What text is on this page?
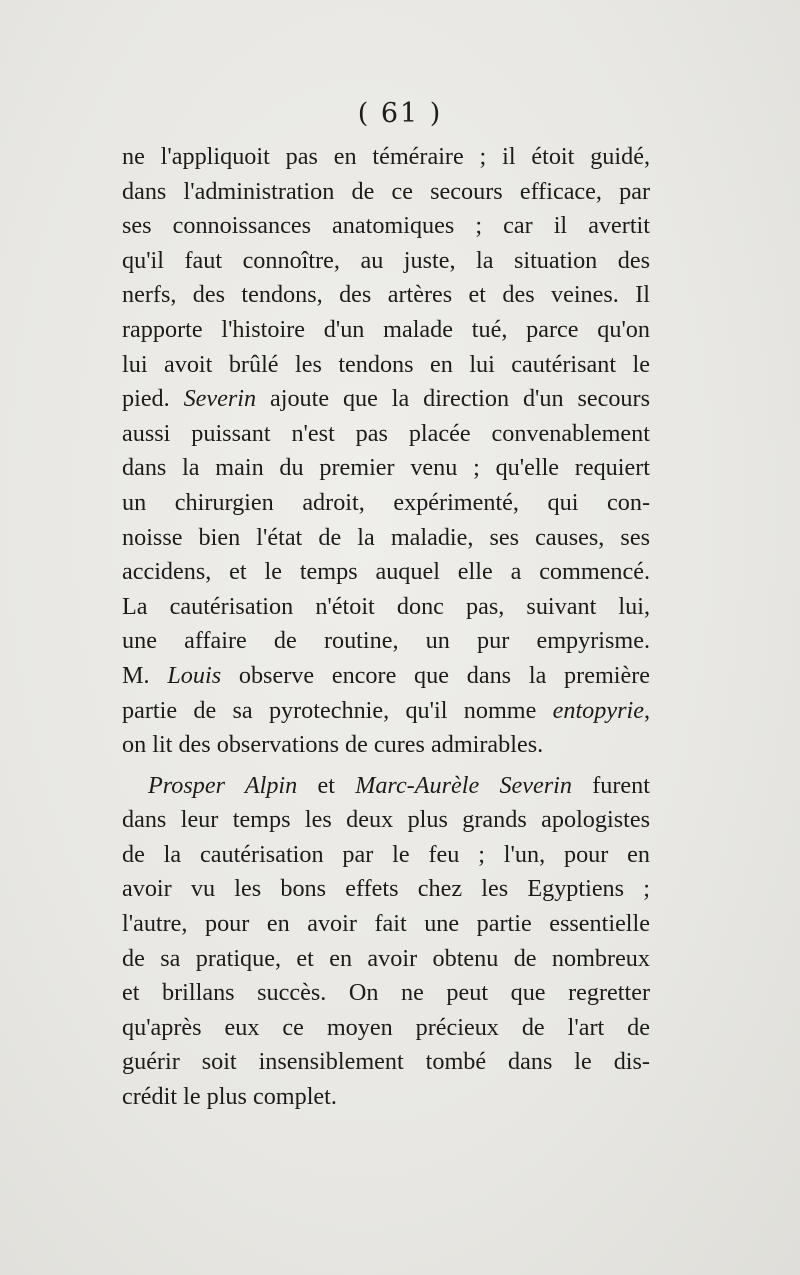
( 61 )
ne l'appliquoit pas en téméraire ; il étoit guidé,
dans l'administration de ce secours efficace, par
ses connoissances anatomiques ; car il avertit
qu'il faut connoître, au juste, la situation des
nerfs, des tendons, des artères et des veines. Il
rapporte l'histoire d'un malade tué, parce qu'on
lui avoit brûlé les tendons en lui cautérisant le
pied. Severin ajoute que la direction d'un secours
aussi puissant n'est pas placée convenablement
dans la main du premier venu ; qu'elle requiert
un chirurgien adroit, expérimenté, qui con-
noisse bien l'état de la maladie, ses causes, ses
accidens, et le temps auquel elle a commencé.
La cautérisation n'étoit donc pas, suivant lui,
une affaire de routine, un pur empyrisme.
M. Louis observe encore que dans la première
partie de sa pyrotechnie, qu'il nomme entopyrie,
on lit des observations de cures admirables.
Prosper Alpin et Marc-Aurèle Severin furent
dans leur temps les deux plus grands apologistes
de la cautérisation par le feu ; l'un, pour en
avoir vu les bons effets chez les Egyptiens ;
l'autre, pour en avoir fait une partie essentielle
de sa pratique, et en avoir obtenu de nombreux
et brillans succès. On ne peut que regretter
qu'après eux ce moyen précieux de l'art de
guérir soit insensiblement tombé dans le dis-
crédit le plus complet.
